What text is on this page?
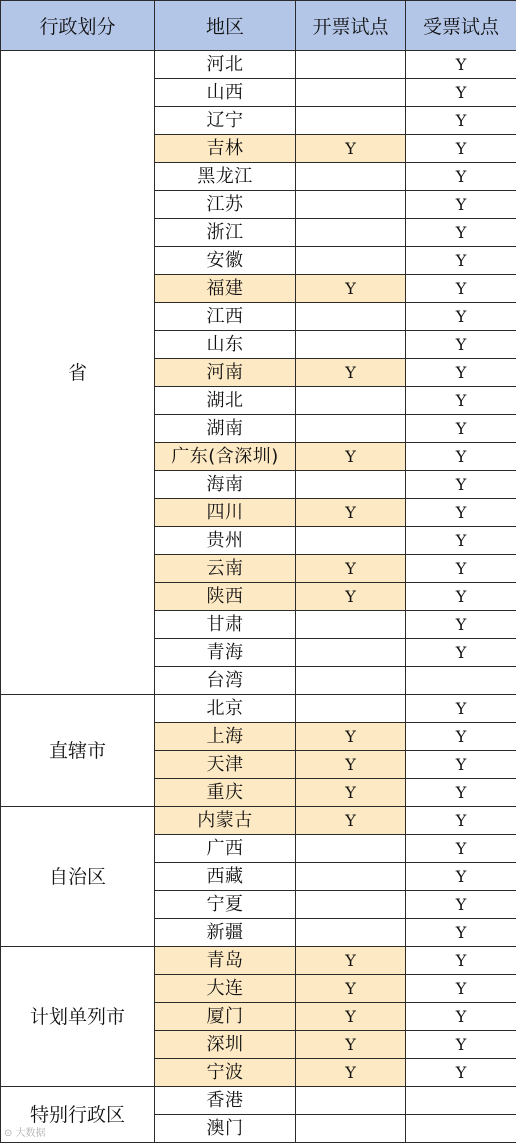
行政划分	地区	开票试点	受票试点
省	河北		Y
	山西		Y
	辽宁		Y
	吉林	Y	Y
	黑龙江		Y
	江苏		Y
	浙江		Y
	安徽		Y
	福建	Y	Y
	江西		Y
	山东		Y
	河南	Y	Y
	湖北		Y
	湖南		Y
	广东(含深圳)	Y	Y
	海南		Y
	四川	Y	Y
	贵州		Y
	云南	Y	Y
	陕西	Y	Y
	甘肃		Y
	青海		Y
	台湾		
直辖市	北京		Y
	上海	Y	Y
	天津	Y	Y
	重庆	Y	Y
自治区	内蒙古	Y	Y
	广西		Y
	西藏		Y
	宁夏		Y
	新疆		Y
计划单列市	青岛	Y	Y
	大连	Y	Y
	厦门	Y	Y
	深圳	Y	Y
	宁波	Y	Y
特别行政区	香港		
	澳门		
⊙ 大数据
